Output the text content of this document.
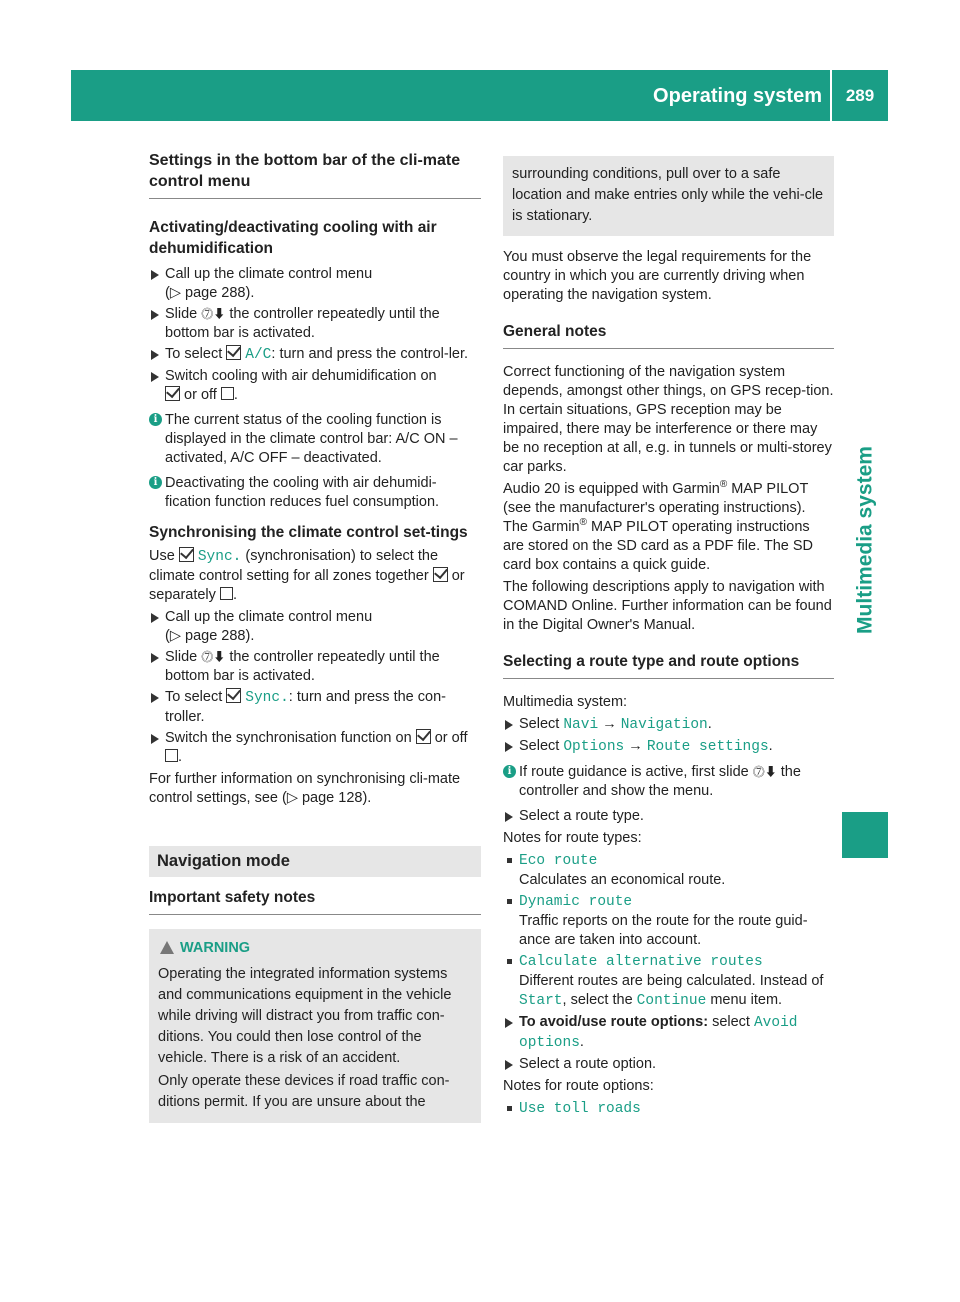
Operating system	289
Multimedia system
Settings in the bottom bar of the cli-mate control menu
Activating/deactivating cooling with air dehumidification
Call up the climate control menu
(▷ page 288).
Slide ⓻⬇ the controller repeatedly until the bottom bar is activated.
To select  A/C: turn and press the control-ler.
Switch cooling with air dehumidification on
or off .
i The current status of the cooling function is displayed in the climate control bar: A/C ON – activated, A/C OFF – deactivated.
i Deactivating the cooling with air dehumidi-fication function reduces fuel consumption.
Synchronising the climate control set-tings

Use  Sync. (synchronisation) to select the climate control setting for all zones together  or separately .

Call up the climate control menu
(▷ page 288).
Slide ⓻⬇ the controller repeatedly until the bottom bar is activated.
To select  Sync.: turn and press the con-troller.
Switch the synchronisation function on  or off .

For further information on synchronising cli-mate control settings, see (▷ page 128).

Navigation mode
Important safety notes
WARNING

Operating the integrated information systems and communications equipment in the vehicle while driving will distract you from traffic con-ditions. You could then lose control of the vehicle. There is a risk of an accident.

Only operate these devices if road traffic con-ditions permit. If you are unsure about the

surrounding conditions, pull over to a safe location and make entries only while the vehi-cle is stationary.

You must observe the legal requirements for the country in which you are currently driving when operating the navigation system.

General notes

Correct functioning of the navigation system depends, amongst other things, on GPS recep-tion. In certain situations, GPS reception may be impaired, there may be interference or there may be no reception at all, e.g. in tunnels or multi-storey car parks.

Audio 20 is equipped with Garmin® MAP PILOT (see the manufacturer's operating instructions). The Garmin® MAP PILOT operating instructions are stored on the SD card as a PDF file. The SD card box contains a quick guide.

The following descriptions apply to navigation with COMAND Online. Further information can be found in the Digital Owner's Manual.

Selecting a route type and route options

Multimedia system:

Select Navi → Navigation.
Select Options → Route settings.
i If route guidance is active, first slide ⓻⬇ the controller and show the menu.
Select a route type.

Notes for route types:

Eco route
Calculates an economical route.
Dynamic route
Traffic reports on the route for the route guid-ance are taken into account.
Calculate alternative routes
Different routes are being calculated. Instead of Start, select the Continue menu item.
To avoid/use route options: select Avoid options.
Select a route option.

Notes for route options:

Use toll roads
